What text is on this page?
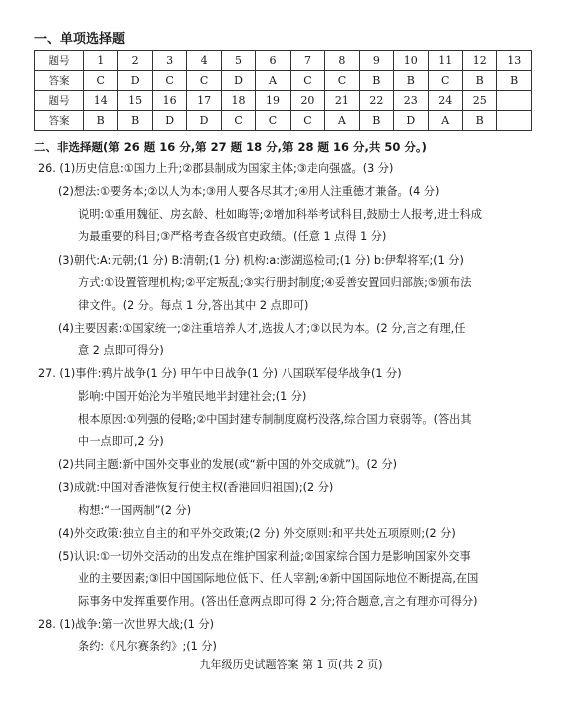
一、单项选择题
题号	1	2	3	4	5	6	7	8	9	10	11	12	13
答案	C	D	C	C	D	A	C	C	B	B	C	B	B
题号	14	15	16	17	18	19	20	21	22	23	24	25	
答案	B	B	D	D	C	C	C	A	B	D	A	B	
二、非选择题(第 26 题 16 分,第 27 题 18 分,第 28 题 16 分,共 50 分。)
26. (1)历史信息:①国力上升;②郡县制成为国家主体;③走向强盛。(3 分)
(2)想法:①要务本;②以人为本;③用人要各尽其才;④用人注重德才兼备。(4 分)
说明:①重用魏征、房玄龄、杜如晦等;②增加科举考试科目,鼓励士人报考,进士科成
为最重要的科目;③严格考查各级官吏政绩。(任意 1 点得 1 分)
(3)朝代:A:元朝;(1 分) B:清朝;(1 分) 机构:a:澎湖巡检司;(1 分) b:伊犁将军;(1 分)
方式:①设置管理机构;②平定叛乱;③实行册封制度;④妥善安置回归部族;⑤颁布法
律文件。(2 分。每点 1 分,答出其中 2 点即可)
(4)主要因素:①国家统一;②注重培养人才,选拔人才;③以民为本。(2 分,言之有理,任
意 2 点即可得分)
27. (1)事件:鸦片战争(1 分) 甲午中日战争(1 分) 八国联军侵华战争(1 分)
影响:中国开始沦为半殖民地半封建社会;(1 分)
根本原因:①列强的侵略;②中国封建专制制度腐朽没落,综合国力衰弱等。(答出其
中一点即可,2 分)
(2)共同主题:新中国外交事业的发展(或“新中国的外交成就”)。(2 分)
(3)成就:中国对香港恢复行使主权(香港回归祖国);(2 分)
构想:“一国两制”(2 分)
(4)外交政策:独立自主的和平外交政策;(2 分) 外交原则:和平共处五项原则;(2 分)
(5)认识:①一切外交活动的出发点在维护国家利益;②国家综合国力是影响国家外交事
业的主要因素;③旧中国国际地位低下、任人宰割;④新中国国际地位不断提高,在国
际事务中发挥重要作用。(答出任意两点即可得 2 分;符合题意,言之有理亦可得分)
28. (1)战争:第一次世界大战;(1 分)
条约:《凡尔赛条约》;(1 分)
九年级历史试题答案 第 1 页(共 2 页)
